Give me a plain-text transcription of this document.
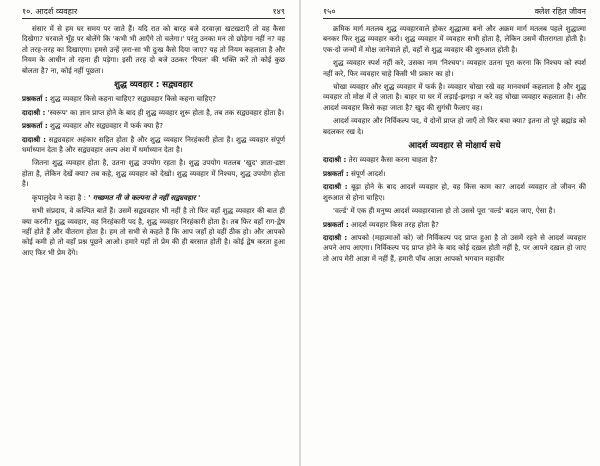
१०. आदर्श व्यवहार	१४९

संसार में से हम घर समय पर जाते हैं। यदि रात को बारह बजे दरवाज़ा खटखटाएँ तो वह कैसा दिखेगा? घरवाले भूँह पर बोलेंगे कि 'कभी भी आएँगे तो चलेगा।' परंतु उनका मन तो छोड़ेगा नहीं न? वह तो तरह-तरह का दिखाएगा। हमसे उन्हें ज़रा-सा भी दुःख कैसे दिया जाए? यह तो नियम कहलाता है और नियम के आधीन तो रहना ही पड़ेगा। इसी तरह दो बजे उठकर 'रियल' की भक्ति करें तो कोई कुछ बोलता है? ना, कोई नहीं पूछता।

शुद्ध व्यवहार : सद्व्यवहार

प्रश्नकर्ता : शुद्ध व्यवहार किसे कहना चाहिए? सद्व्यवहार किसे कहना चाहिए?

दादाश्री : 'स्वरूप' का ज्ञान प्राप्त होने के बाद ही शुद्ध व्यवहार शुरू होता है, तब तक सद्व्यवहार होता है।

प्रश्नकर्ता : शुद्ध व्यवहार और सद्व्यवहार में फर्क क्या है?

दादाश्री : सद्व्यवहार अहंकार सहित होता है और शुद्ध व्यवहार निरहंकारी होता है। शुद्ध व्यवहार संपूर्ण धर्माध्यान देता है और सद्व्यवहार अल्प अंश में धर्माध्यान देता है।

जितना शुद्ध व्यवहार होता है, उतना शुद्ध उपयोग रहता है। शुद्ध उपयोग मतलब 'खुद' ज्ञाता-द्रष्टा होता है, लेकिन देखें क्या? तब कहे, शुद्ध व्यवहार को देखो। शुद्ध व्यवहार में निश्चय, शुद्ध उपयोग होता है।

कृपालुदेव ने कहा है : ' गच्छमत नी जे कल्पना ते नहीं सद्व्यवहार '

सभी संप्रदाय, वे कल्पित बातें हैं। उसमें सद्व्यवहार भी नहीं है तो फिर वहाँ शुद्ध व्यवहार की बात ही क्या करनी? शुद्ध व्यवहार, वह निरहंकारी पद है, शुद्ध व्यवहार निरहंकारी होता है। तब फिर वहाँ राग-द्वेष नहीं होते हैं और वीतराग होता है। हम तो सभी से कहते हैं कि आप जहाँ हो वहीं ठीक हो। और आपको कोई कमी हो तो वहाँ प्रश्न पूछने आओ। हमारे यहाँ तो प्रेम की ही बरसात होती है। कोई द्वेष करता हुआ आए फिर भी प्रेम देंगे।

१५०	क्लेश रहित जीवन

क्रमिक मार्ग मतलब शुद्ध व्यवहारवाले होकर शुद्धात्मा बनो और अक्रम मार्ग मतलब पहले शुद्धात्मा बनकर फिर शुद्ध व्यवहार करो। शुद्ध व्यवहार में व्यवहार सभी होता है, लेकिन उसमें वीतरागता होती है। एक-दो जन्मों में मोक्ष जानेवाले हों, वहाँ से शुद्ध व्यवहार की शुरुआत होती है।

शुद्ध व्यवहार स्पर्श नहीं करे, उसका नाम 'निश्चय'। व्यवहार उतना पूरा करना कि निश्चय को स्पर्श नहीं करे, फिर व्यवहार चाहे किसी भी प्रकार का हो।

चोखा व्यवहार और शुद्ध व्यवहार में फर्क है। व्यवहार चोखा रखे वह मानवधर्म कहलाता है और शुद्ध व्यवहार तो मोक्ष में ले जाता है। बाहर या घर में लड़ाई-झगड़ा न करे वह चोखा व्यवहार कहलाता है। और आदर्श व्यवहार किसे कहा जाता है? खुद की सुगंधी फैलाए वह।

आदर्श व्यवहार और निर्विकल्प पद, ये दोनों प्राप्त हो जाएँ तो फिर बचा क्या? इतना तो पूरे ब्रह्मांड को बदलकर रख दे।

आदर्श व्यवहार से मोक्षार्थ सधे

दादाश्री : तेरा व्यवहार कैसा करना चाहता है?

प्रश्नकर्ता : संपूर्ण आदर्श।

दादाश्री : बूढ़ा होने के बाद आदर्श व्यवहार हो, वह किस काम का? आदर्श व्यवहार तो जीवन की शुरुआत से होना चाहिए।

'वर्ल्ड' में एक ही मनुष्य आदर्श व्यवहारवाला हो तो उससे पूरा 'वर्ल्ड' बदल जाए, ऐसा है।

प्रश्नकर्ता : आदर्श व्यवहार किस तरह होता है?

दादाश्री : आपको (महात्माओं को) जो निर्विकल्प पद प्राप्त हुआ है तो उसमें रहने से आदर्श व्यवहार अपने आप आएगा। निर्विकल्प पद प्राप्त होने के बाद कोई दख़ल होती नहीं है, पर आपने दख़ल हो जाए तो आप मेरी आज्ञा में नहीं हैं, हमारी पाँच आज्ञा आपको भगवान महावीर
